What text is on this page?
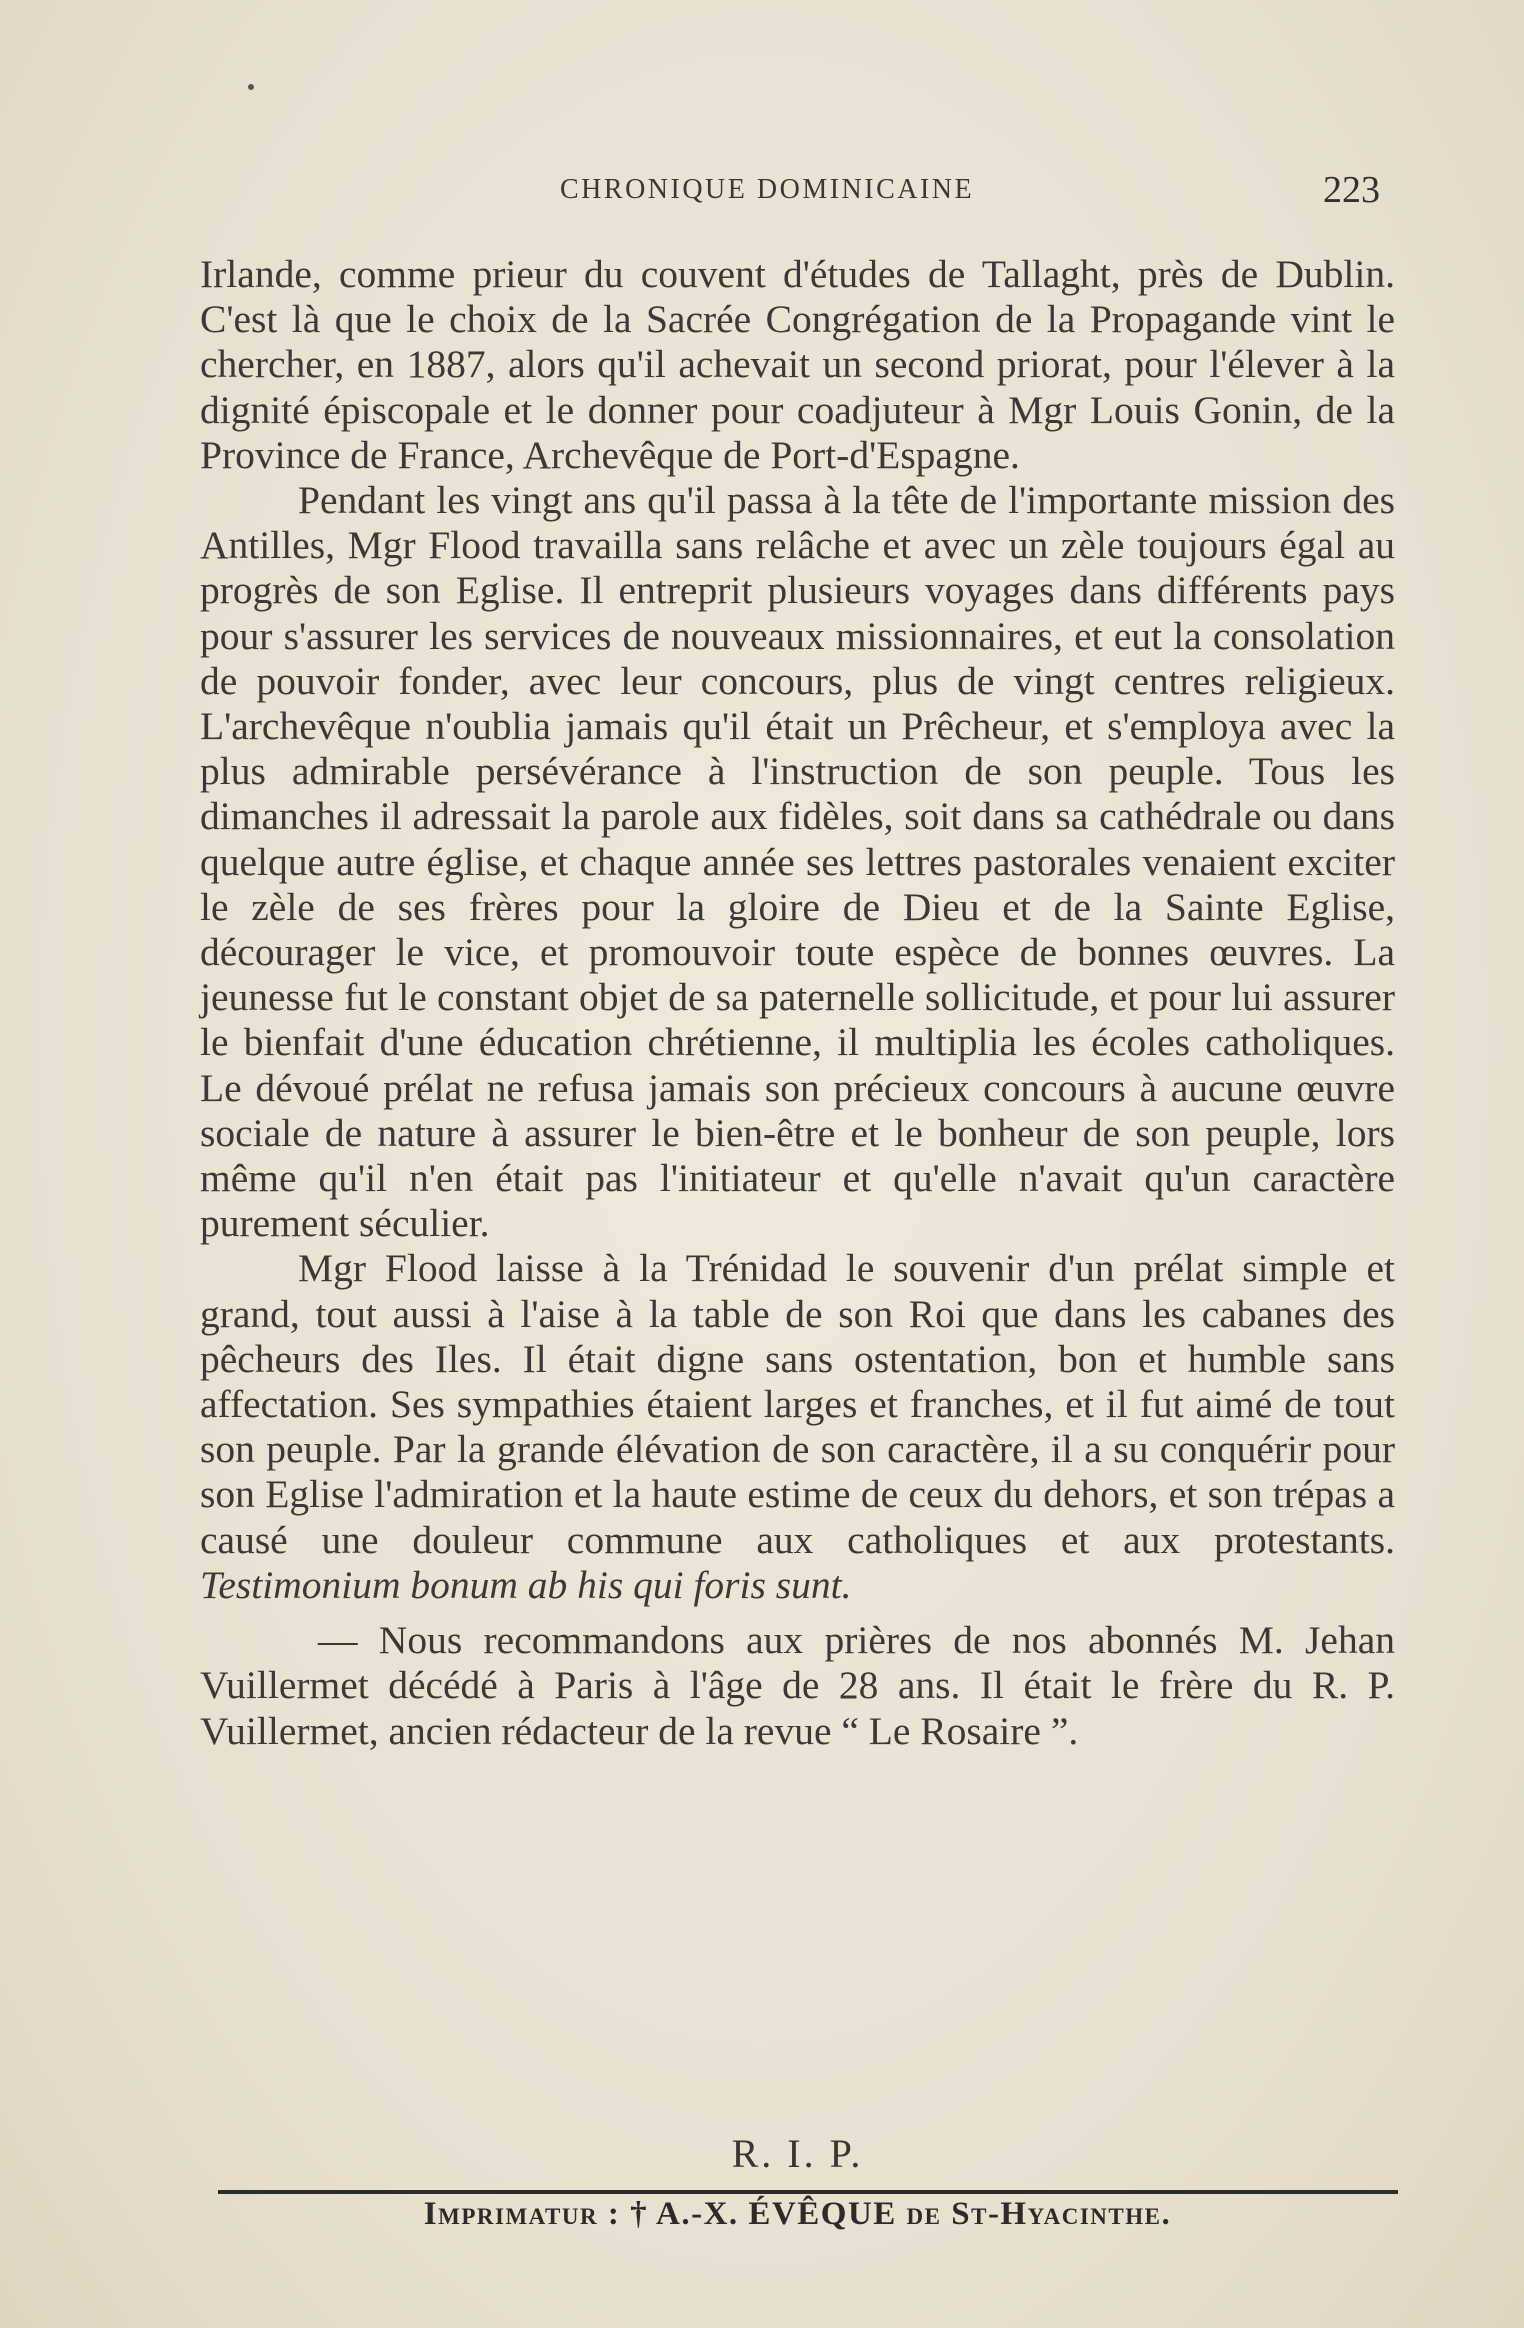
CHRONIQUE DOMINICAINE	223

Irlande, comme prieur du couvent d'études de Tallaght, près de Dublin. C'est là que le choix de la Sacrée Congrégation de la Propagande vint le chercher, en 1887, alors qu'il achevait un second priorat, pour l'élever à la dignité épiscopale et le donner pour coadjuteur à Mgr Louis Gonin, de la Province de France, Archevêque de Port-d'Espagne.

Pendant les vingt ans qu'il passa à la tête de l'importante mission des Antilles, Mgr Flood travailla sans relâche et avec un zèle toujours égal au progrès de son Eglise. Il entreprit plusieurs voyages dans différents pays pour s'assurer les services de nouveaux missionnaires, et eut la consolation de pouvoir fonder, avec leur concours, plus de vingt centres religieux. L'archevêque n'oublia jamais qu'il était un Prêcheur, et s'employa avec la plus admirable persévérance à l'instruction de son peuple. Tous les dimanches il adressait la parole aux fidèles, soit dans sa cathédrale ou dans quelque autre église, et chaque année ses lettres pastorales venaient exciter le zèle de ses frères pour la gloire de Dieu et de la Sainte Eglise, décourager le vice, et promouvoir toute espèce de bonnes œuvres. La jeunesse fut le constant objet de sa paternelle sollicitude, et pour lui assurer le bienfait d'une éducation chrétienne, il multiplia les écoles catholiques. Le dévoué prélat ne refusa jamais son précieux concours à aucune œuvre sociale de nature à assurer le bien-être et le bonheur de son peuple, lors même qu'il n'en était pas l'initiateur et qu'elle n'avait qu'un caractère purement séculier.

Mgr Flood laisse à la Trénidad le souvenir d'un prélat simple et grand, tout aussi à l'aise à la table de son Roi que dans les cabanes des pêcheurs des Iles. Il était digne sans ostentation, bon et humble sans affectation. Ses sympathies étaient larges et franches, et il fut aimé de tout son peuple. Par la grande élévation de son caractère, il a su conquérir pour son Eglise l'admiration et la haute estime de ceux du dehors, et son trépas a causé une douleur commune aux catholiques et aux protestants. Testimonium bonum ab his qui foris sunt.

— Nous recommandons aux prières de nos abonnés M. Jehan Vuillermet décédé à Paris à l'âge de 28 ans. Il était le frère du R. P. Vuillermet, ancien rédacteur de la revue “ Le Rosaire ”.

R. I. P.
Imprimatur : † A.-X. ÉVÊQUE de St-Hyacinthe.
